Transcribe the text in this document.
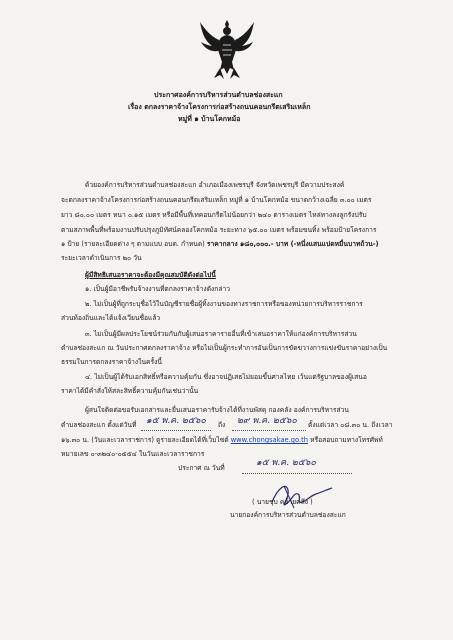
ประกาศองค์การบริหารส่วนตำบลช่องสะแก
เรื่อง ตกลงราคาจ้างโครงการก่อสร้างถนนคอนกรีตเสริมเหล็ก
หมู่ที่ ๑ บ้านโคกหม้อ
ด้วยองค์การบริหารส่วนตำบลช่องสะแก อำเภอเมืองเพชรบุรี จังหวัดเพชรบุรี มีความประสงค์
จะตกลงราคาจ้างโครงการก่อสร้างถนนคอนกรีตเสริมเหล็ก หมู่ที่ ๑ บ้านโคกหม้อ ขนาดกว้างเฉลี่ย ๓.๐๐ เมตร
ยาว ๘๐.๐๐ เมตร หนา ๐.๑๕ เมตร หรือมีพื้นที่เทคอนกรีตไม่น้อยกว่า ๒๔๐ ตารางเมตร ไหล่ทางลงลูกรังปรับ
ตามสภาพพื้นที่พร้อมงานปรับปรุงภูมิทัศน์คลองโคกหม้อ ระยะทาง ๖๕.๐๐ เมตร พร้อมขนทิ้ง พร้อมป้ายโครงการ
๑ ป้าย (รายละเอียดต่าง ๆ ตามแบบ อบต. กำหนด) ราคากลาง ๑๘๐,๐๐๐.- บาท (-หนึ่งแสนแปดหมื่นบาทถ้วน-)
ระยะเวลาดำเนินการ ๒๐ วัน
ผู้มีสิทธิเสนอราคาจะต้องมีคุณสมบัติดังต่อไปนี้
๑. เป็นผู้มีอาชีพรับจ้างงานที่ตกลงราคาจ้างดังกล่าว
๒. ไม่เป็นผู้ที่ถูกระบุชื่อไว้ในบัญชีรายชื่อผู้ทิ้งงานของทางราชการหรือของหน่วยการบริหารราชการ
ส่วนท้องถิ่นและได้แจ้งเวียนชื่อแล้ว
๓. ไม่เป็นผู้มีผลประโยชน์ร่วมกันกับผู้เสนอราคารายอื่นที่เข้าเสนอราคาให้แก่องค์การบริหารส่วน
ตำบลช่องสะแก ณ วันประกาศตกลงราคาจ้าง หรือไม่เป็นผู้กระทำการอันเป็นการขัดขวางการแข่งขันราคาอย่างเป็น
ธรรมในการตกลงราคาจ้างในครั้งนี้
๔. ไม่เป็นผู้ได้รับเอกสิทธิ์หรือความคุ้มกัน ซึ่งอาจปฏิเสธไม่ยอมขึ้นศาลไทย เว้นแต่รัฐบาลของผู้เสนอ
ราคาได้มีคำสั่งให้สละสิทธิ์ความคุ้มกันเช่นว่านั้น
ผู้สนใจติดต่อขอรับเอกสารและยื่นเสนอราคารับจ้างได้ที่งานพัสดุ กองคลัง องค์การบริหารส่วน
ตำบลช่องสะแก ตั้งแต่วันที่ ๑๕ พ.ค. ๒๕๖๐ ถึง ๒๙ พ.ค. ๒๕๖๐ ตั้งแต่เวลา ๐๘.๓๐ น. ถึงเวลา
๑๖.๓๐ น. (วันและเวลาราชการ) ดูรายละเอียดได้ที่เว็บไซต์ www.chongsakae.go.th หรือสอบถามทางโทรศัพท์
หมายเลข ๐-๓๒๔๐-๐๕๕๔ ในวันและเวลาราชการ
ประกาศ ณ วันที่	๑๕ พ.ค. ๒๕๖๐
( นายชุบ คล้ายคลึง )
นายกองค์การบริหารส่วนตำบลช่องสะแก
